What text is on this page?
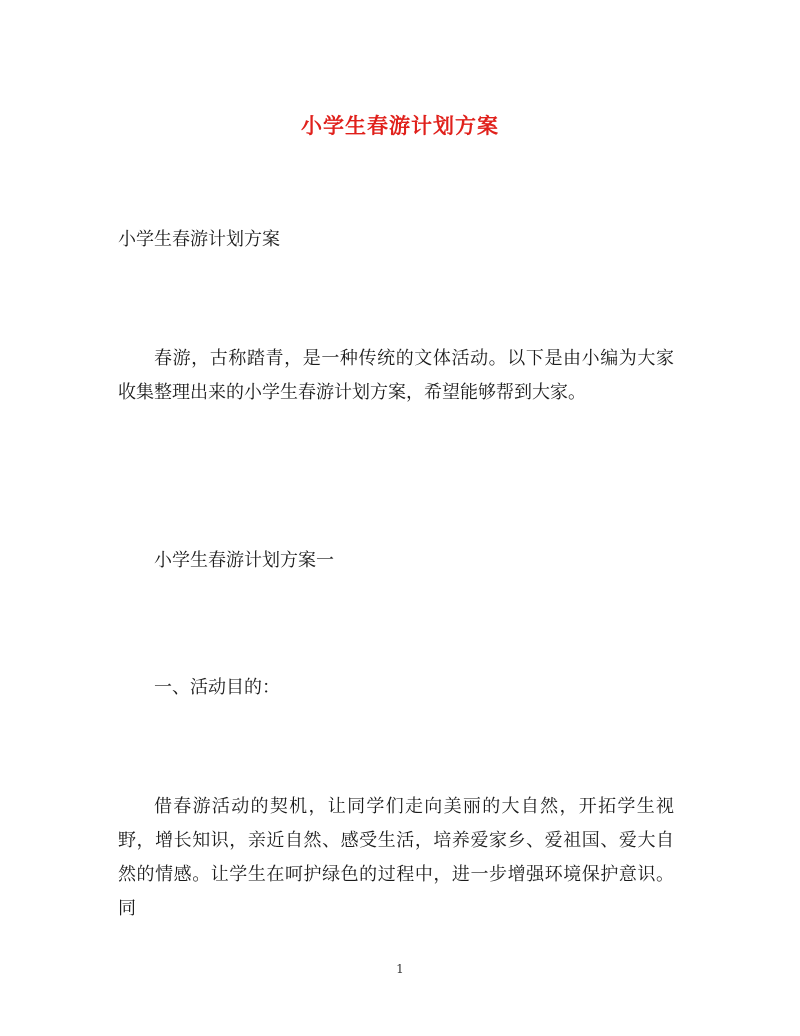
小学生春游计划方案

小学生春游计划方案

春游，古称踏青，是一种传统的文体活动。以下是由小编为大家收集整理出来的小学生春游计划方案，希望能够帮到大家。

小学生春游计划方案一

一、活动目的：

借春游活动的契机，让同学们走向美丽的大自然，开拓学生视野，增长知识，亲近自然、感受生活，培养爱家乡、爱祖国、爱大自然的情感。让学生在呵护绿色的过程中，进一步增强环境保护意识。同

1
